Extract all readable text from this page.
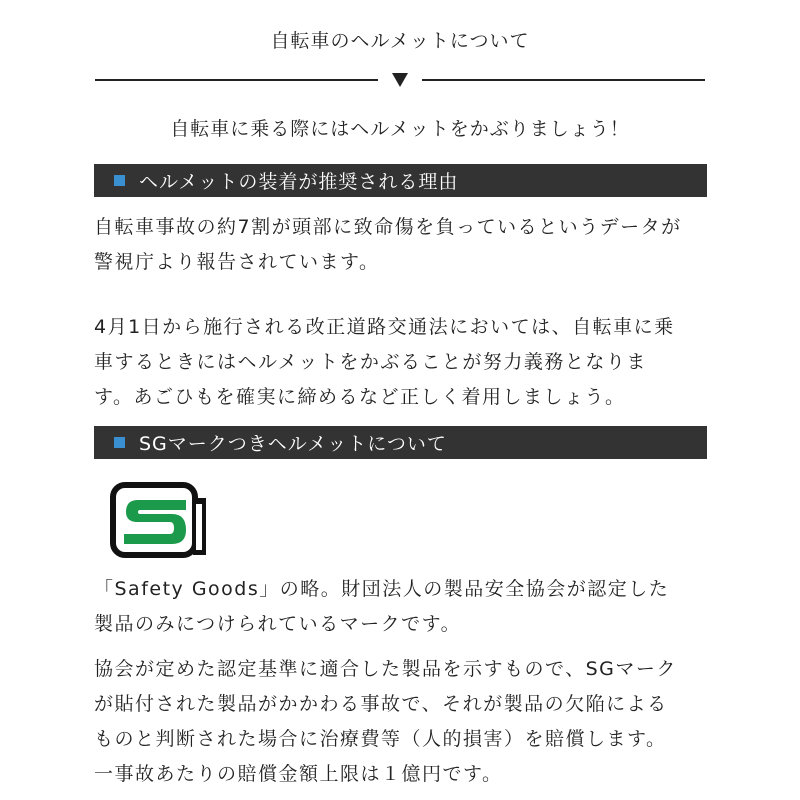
自転車のヘルメットについて
自転車に乗る際にはヘルメットをかぶりましょう！
ヘルメットの装着が推奨される理由
自転車事故の約7割が頭部に致命傷を負っているというデータが
警視庁より報告されています。
4月1日から施行される改正道路交通法においては、自転車に乗
車するときにはヘルメットをかぶることが努力義務となりま
す。あごひもを確実に締めるなど正しく着用しましょう。
SGマークつきヘルメットについて
「Safety Goods」の略。財団法人の製品安全協会が認定した
製品のみにつけられているマークです。
協会が定めた認定基準に適合した製品を示すもので、SGマーク
が貼付された製品がかかわる事故で、それが製品の欠陥による
ものと判断された場合に治療費等（人的損害）を賠償します。
一事故あたりの賠償金額上限は１億円です。
